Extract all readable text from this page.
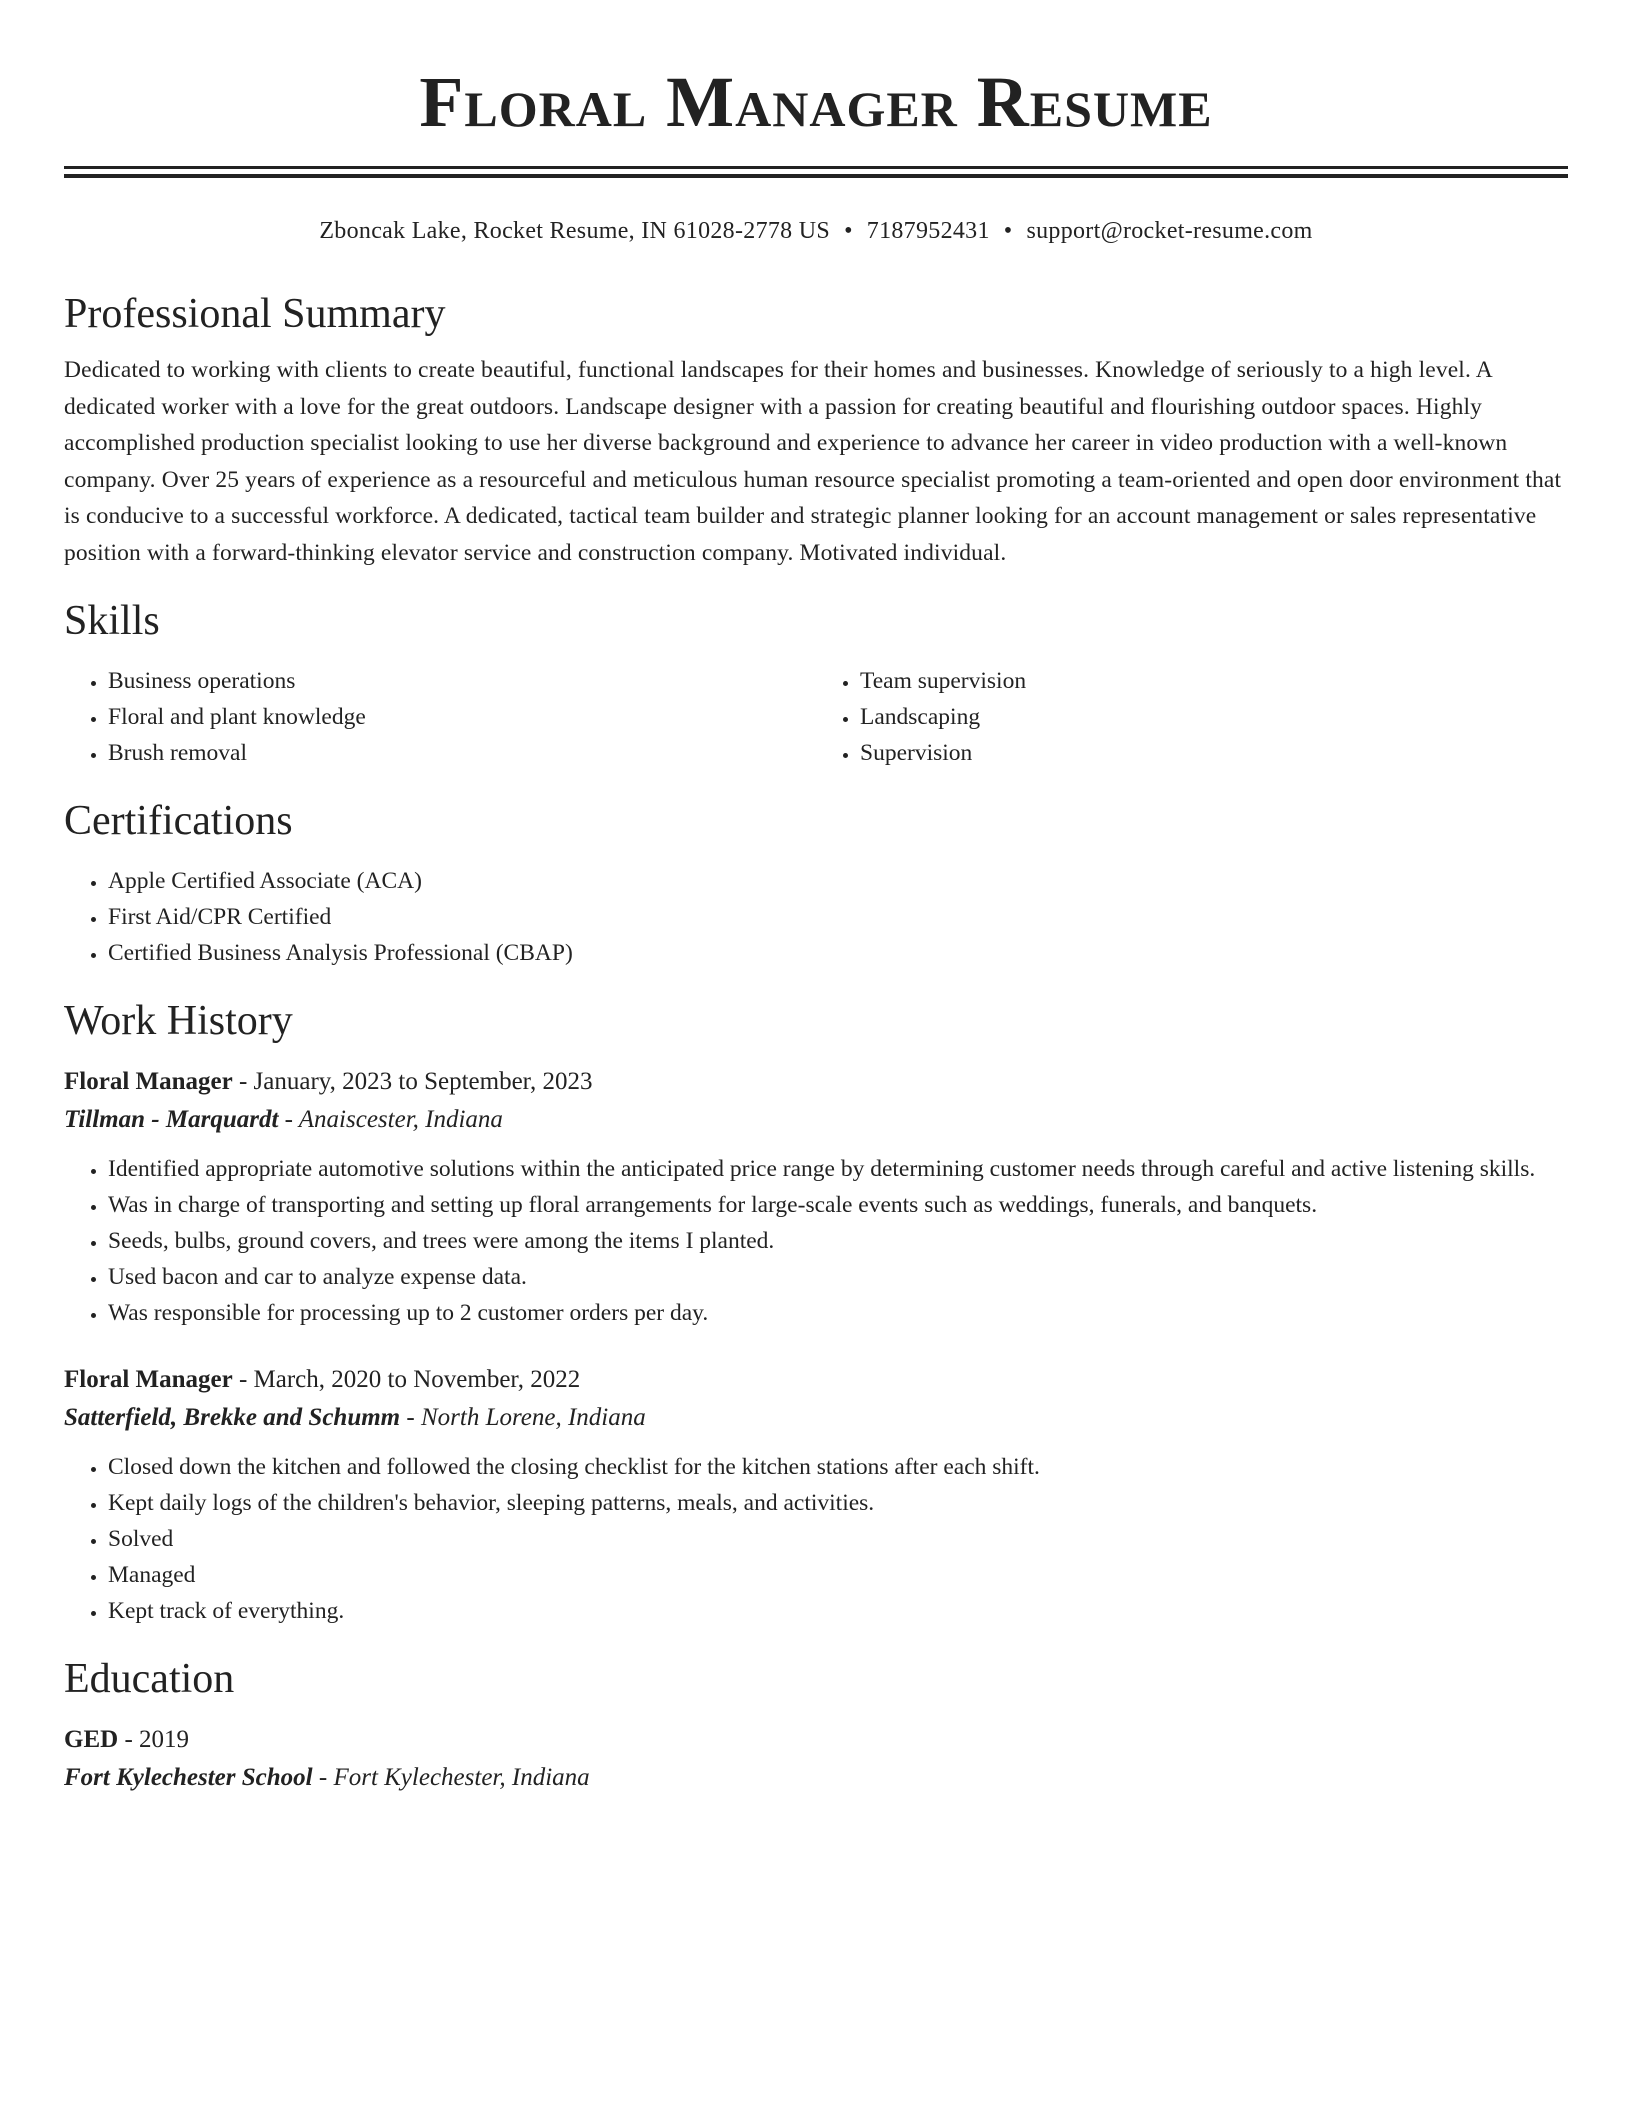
Floral Manager Resume
Zboncak Lake, Rocket Resume, IN 61028-2778 US • 7187952431 • support@rocket-resume.com
Professional Summary
Dedicated to working with clients to create beautiful, functional landscapes for their homes and businesses. Knowledge of seriously to a high level. A dedicated worker with a love for the great outdoors. Landscape designer with a passion for creating beautiful and flourishing outdoor spaces. Highly accomplished production specialist looking to use her diverse background and experience to advance her career in video production with a well-known company. Over 25 years of experience as a resourceful and meticulous human resource specialist promoting a team-oriented and open door environment that is conducive to a successful workforce. A dedicated, tactical team builder and strategic planner looking for an account management or sales representative position with a forward-thinking elevator service and construction company. Motivated individual.
Skills
• Business operations
• Floral and plant knowledge
• Brush removal
• Team supervision
• Landscaping
• Supervision
Certifications
• Apple Certified Associate (ACA)
• First Aid/CPR Certified
• Certified Business Analysis Professional (CBAP)
Work History
Floral Manager - January, 2023 to September, 2023
Tillman - Marquardt - Anaiscester, Indiana
• Identified appropriate automotive solutions within the anticipated price range by determining customer needs through careful and active listening skills.
• Was in charge of transporting and setting up floral arrangements for large-scale events such as weddings, funerals, and banquets.
• Seeds, bulbs, ground covers, and trees were among the items I planted.
• Used bacon and car to analyze expense data.
• Was responsible for processing up to 2 customer orders per day.
Floral Manager - March, 2020 to November, 2022
Satterfield, Brekke and Schumm - North Lorene, Indiana
• Closed down the kitchen and followed the closing checklist for the kitchen stations after each shift.
• Kept daily logs of the children's behavior, sleeping patterns, meals, and activities.
• Solved
• Managed
• Kept track of everything.
Education
GED - 2019
Fort Kylechester School - Fort Kylechester, Indiana
